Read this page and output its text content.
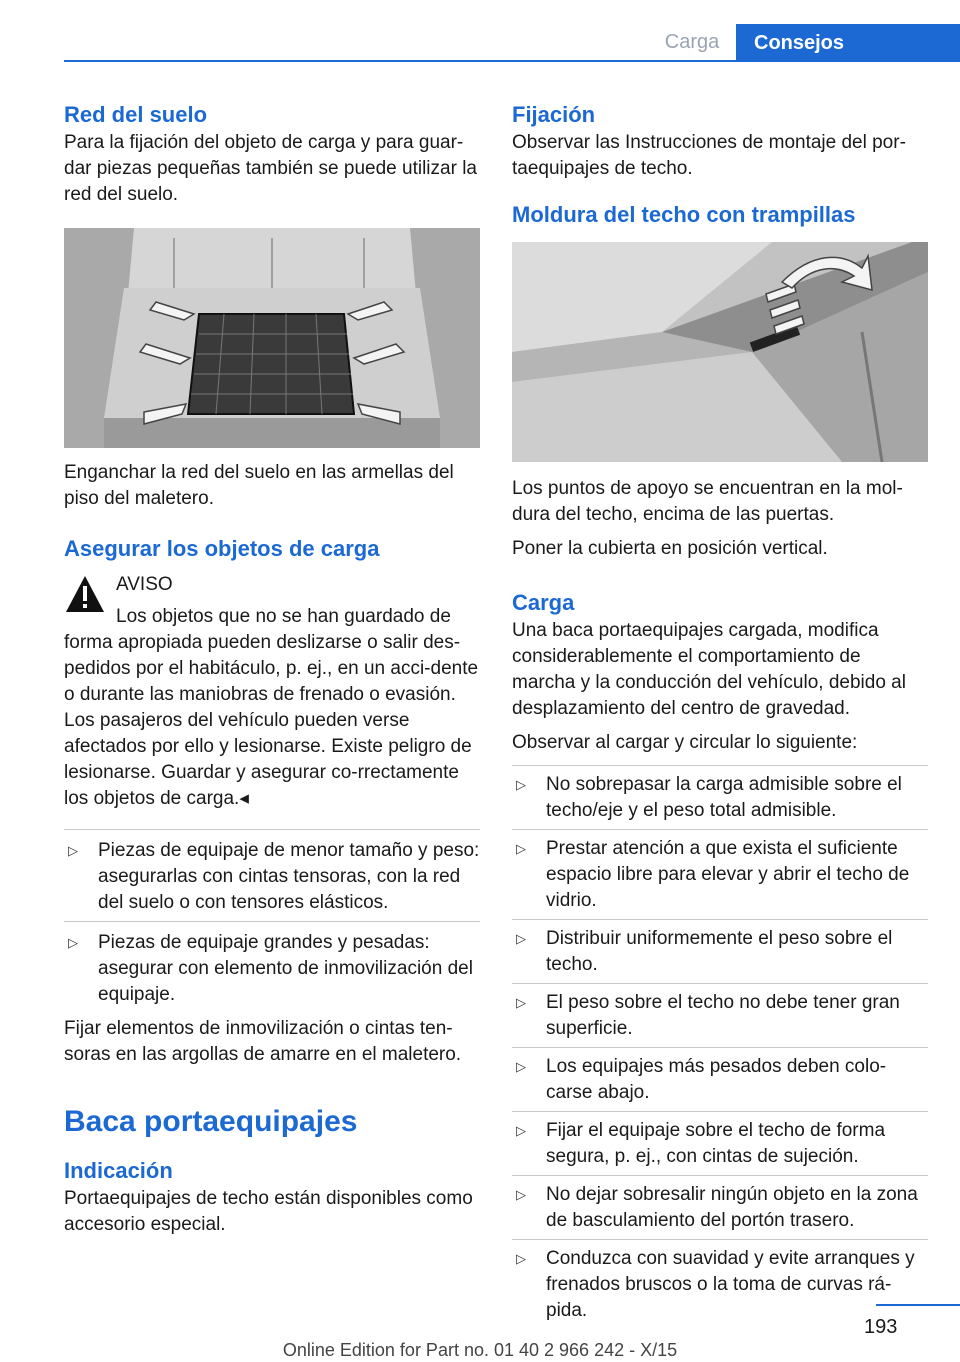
Carga	Consejos
Red del suelo

Para la fijación del objeto de carga y para guar-dar piezas pequeñas también se puede utilizar la red del suelo.

Enganchar la red del suelo en las armellas del piso del maletero.

Asegurar los objetos de carga
AVISO
Los objetos que no se han guardado de
forma apropiada pueden deslizarse o salir des-pedidos por el habitáculo, p. ej., en un acci-dente o durante las maniobras de frenado o evasión. Los pasajeros del vehículo pueden verse afectados por ello y lesionarse. Existe peligro de lesionarse. Guardar y asegurar co-rrectamente los objetos de carga.◂
▷ Piezas de equipaje de menor tamaño y peso: asegurarlas con cintas tensoras, con la red del suelo o con tensores elásticos.
▷ Piezas de equipaje grandes y pesadas: asegurar con elemento de inmovilización del equipaje.

Fijar elementos de inmovilización o cintas ten-soras en las argollas de amarre en el maletero.

Baca portaequipajes
Indicación

Portaequipajes de techo están disponibles como accesorio especial.

Fijación

Observar las Instrucciones de montaje del por-taequipajes de techo.

Moldura del techo con trampillas

Los puntos de apoyo se encuentran en la mol-dura del techo, encima de las puertas.

Poner la cubierta en posición vertical.

Carga

Una baca portaequipajes cargada, modifica considerablemente el comportamiento de marcha y la conducción del vehículo, debido al desplazamiento del centro de gravedad.

Observar al cargar y circular lo siguiente:

▷ No sobrepasar la carga admisible sobre el techo/eje y el peso total admisible.
▷ Prestar atención a que exista el suficiente espacio libre para elevar y abrir el techo de vidrio.
▷ Distribuir uniformemente el peso sobre el techo.
▷ El peso sobre el techo no debe tener gran superficie.
▷ Los equipajes más pesados deben colo-carse abajo.
▷ Fijar el equipaje sobre el techo de forma segura, p. ej., con cintas de sujeción.
▷ No dejar sobresalir ningún objeto en la zona de basculamiento del portón trasero.
▷ Conduzca con suavidad y evite arranques y frenados bruscos o la toma de curvas rá-pida.
193
Online Edition for Part no. 01 40 2 966 242 - X/15
